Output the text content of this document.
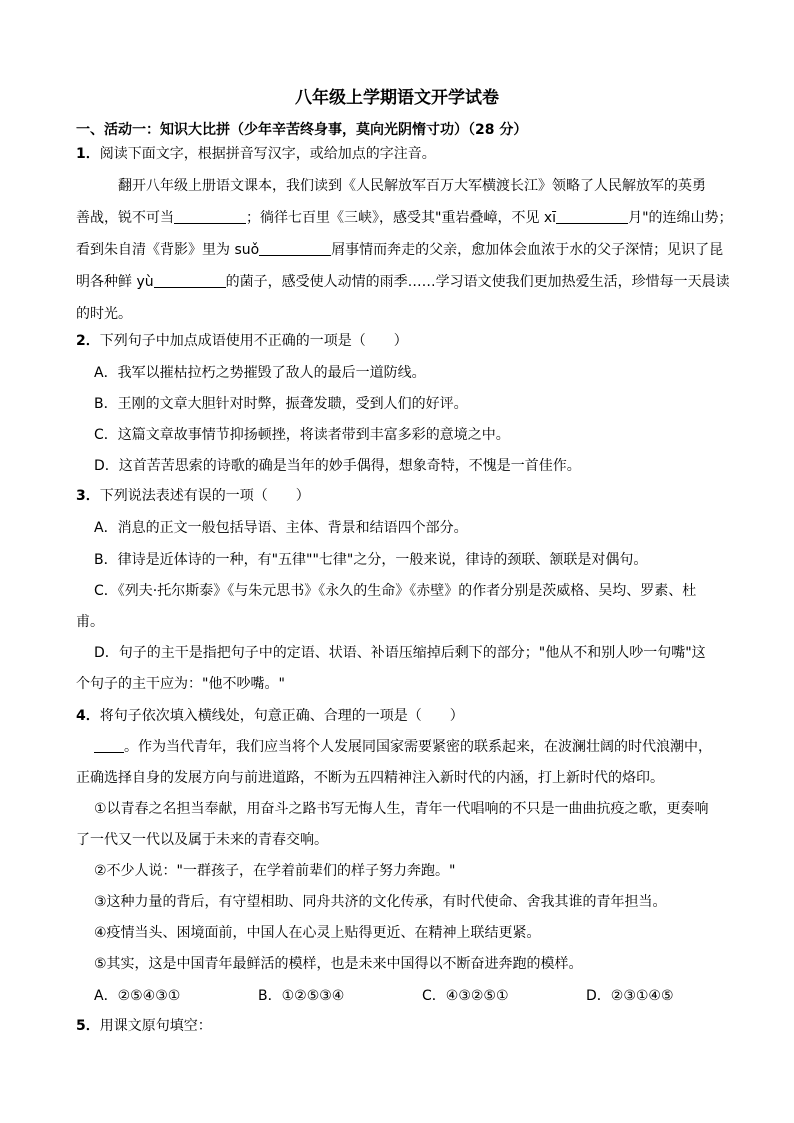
八年级上学期语文开学试卷
一、活动一：知识大比拼（少年辛苦终身事，莫向光阴惰寸功）（28 分）
1．阅读下面文字，根据拼音写汉字，或给加点的字注音。
翻开八年级上册语文课本，我们读到《人民解放军百万大军横渡长江》领略了人民解放军的英勇
善战，锐不可当	；徜徉七百里《三峡》，感受其"重岩叠嶂，不见 xī	月"的连绵山势；
看到朱自清《背影》里为 suǒ	屑事情而奔走的父亲，愈加体会血浓于水的父子深情；见识了昆
明各种鲜 yù	的菌子，感受使人动情的雨季……学习语文使我们更加热爱生活，珍惜每一天晨读
的时光。
2．下列句子中加点成语使用不正确的一项是（　　）
A．我军以摧枯拉朽之势摧毁了敌人的最后一道防线。
B．王刚的文章大胆针对时弊，振聋发聩，受到人们的好评。
C．这篇文章故事情节抑扬顿挫，将读者带到丰富多彩的意境之中。
D．这首苦苦思索的诗歌的确是当年的妙手偶得，想象奇特，不愧是一首佳作。
3．下列说法表述有误的一项（　　）
A．消息的正文一般包括导语、主体、背景和结语四个部分。
B．律诗是近体诗的一种，有"五律""七律"之分，一般来说，律诗的颈联、颔联是对偶句。
C．《列夫·托尔斯泰》《与朱元思书》《永久的生命》《赤壁》的作者分别是茨威格、吴均、罗素、杜
甫。
D．句子的主干是指把句子中的定语、状语、补语压缩掉后剩下的部分；"他从不和别人吵一句嘴"这
个句子的主干应为："他不吵嘴。"
4．将句子依次填入横线处，句意正确、合理的一项是（　　）
。作为当代青年，我们应当将个人发展同国家需要紧密的联系起来，在波澜壮阔的时代浪潮中，
正确选择自身的发展方向与前进道路，不断为五四精神注入新时代的内涵，打上新时代的烙印。
①以青春之名担当奉献，用奋斗之路书写无悔人生，青年一代唱响的不只是一曲曲抗疫之歌，更奏响
了一代又一代以及属于未来的青春交响。
②不少人说："一群孩子，在学着前辈们的样子努力奔跑。"
③这种力量的背后，有守望相助、同舟共济的文化传承，有时代使命、舍我其谁的青年担当。
④疫情当头、困境面前，中国人在心灵上贴得更近、在精神上联结更紧。
⑤其实，这是中国青年最鲜活的模样，也是未来中国得以不断奋进奔跑的模样。
A．②⑤④③①	B．①②⑤③④	C．④③②⑤①	D．②③①④⑤
5．用课文原句填空：
